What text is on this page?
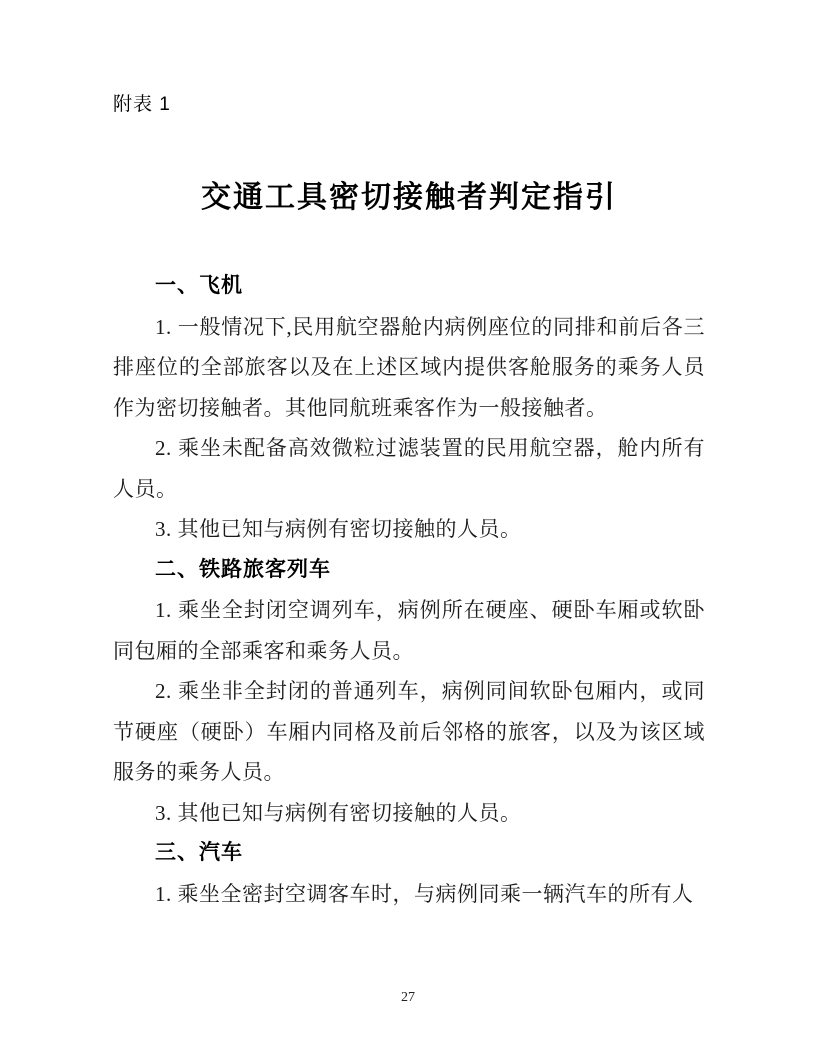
附表 1
交通工具密切接触者判定指引
一、飞机

1. 一般情况下,民用航空器舱内病例座位的同排和前后各三排座位的全部旅客以及在上述区域内提供客舱服务的乘务人员作为密切接触者。其他同航班乘客作为一般接触者。

2. 乘坐未配备高效微粒过滤装置的民用航空器，舱内所有人员。

3. 其他已知与病例有密切接触的人员。

二、铁路旅客列车

1. 乘坐全封闭空调列车，病例所在硬座、硬卧车厢或软卧同包厢的全部乘客和乘务人员。

2. 乘坐非全封闭的普通列车，病例同间软卧包厢内，或同节硬座（硬卧）车厢内同格及前后邻格的旅客，以及为该区域服务的乘务人员。

3. 其他已知与病例有密切接触的人员。

三、汽车

1. 乘坐全密封空调客车时，与病例同乘一辆汽车的所有人

27
